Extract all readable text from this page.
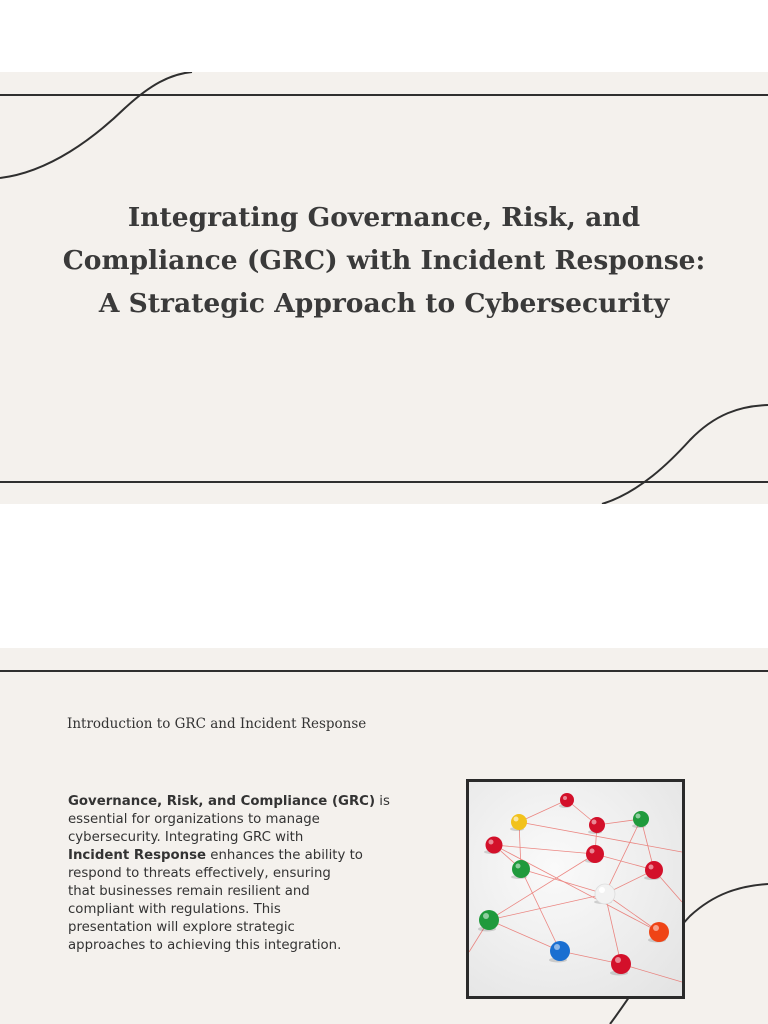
Integrating Governance, Risk, and
Compliance (GRC) with Incident Response:
A Strategic Approach to Cybersecurity
Introduction to GRC and Incident Response
Governance, Risk, and Compliance (GRC) is
essential for organizations to manage
cybersecurity. Integrating GRC with
Incident Response enhances the ability to
respond to threats effectively, ensuring
that businesses remain resilient and
compliant with regulations. This
presentation will explore strategic
approaches to achieving this integration.
